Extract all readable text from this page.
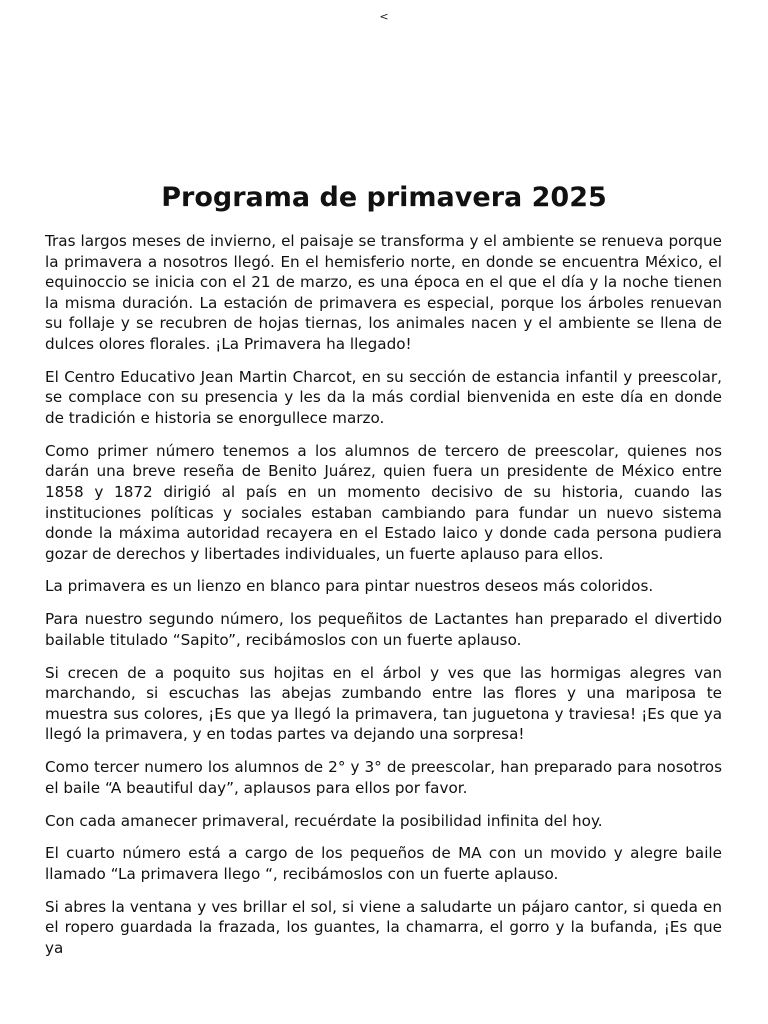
<
Programa de primavera 2025

Tras largos meses de invierno, el paisaje se transforma y el ambiente se renueva porque la primavera a nosotros llegó. En el hemisferio norte, en donde se encuentra México, el equinoccio se inicia con el 21 de marzo, es una época en el que el día y la noche tienen la misma duración. La estación de primavera es especial, porque los árboles renuevan su follaje y se recubren de hojas tiernas, los animales nacen y el ambiente se llena de dulces olores florales. ¡La Primavera ha llegado!

El Centro Educativo Jean Martin Charcot, en su sección de estancia infantil y preescolar, se complace con su presencia y les da la más cordial bienvenida en este día en donde de tradición e historia se enorgullece marzo.

Como primer número tenemos a los alumnos de tercero de preescolar, quienes nos darán una breve reseña de Benito Juárez, quien fuera un presidente de México entre 1858 y 1872 dirigió al país en un momento decisivo de su historia, cuando las instituciones políticas y sociales estaban cambiando para fundar un nuevo sistema donde la máxima autoridad recayera en el Estado laico y donde cada persona pudiera gozar de derechos y libertades individuales, un fuerte aplauso para ellos.

La primavera es un lienzo en blanco para pintar nuestros deseos más coloridos.

Para nuestro segundo número, los pequeñitos de Lactantes han preparado el divertido bailable titulado “Sapito”, recibámoslos con un fuerte aplauso.

Si crecen de a poquito sus hojitas en el árbol y ves que las hormigas alegres van marchando, si escuchas las abejas zumbando entre las flores y una mariposa te muestra sus colores, ¡Es que ya llegó la primavera, tan juguetona y traviesa! ¡Es que ya llegó la primavera, y en todas partes va dejando una sorpresa!

Como tercer numero los alumnos de 2° y 3° de preescolar, han preparado para nosotros el baile “A beautiful day”, aplausos para ellos por favor.

Con cada amanecer primaveral, recuérdate la posibilidad infinita del hoy.

El cuarto número está a cargo de los pequeños de MA con un movido y alegre baile llamado “La primavera llego “, recibámoslos con un fuerte aplauso.

Si abres la ventana y ves brillar el sol, si viene a saludarte un pájaro cantor, si queda en el ropero guardada la frazada, los guantes, la chamarra, el gorro y la bufanda, ¡Es que ya
